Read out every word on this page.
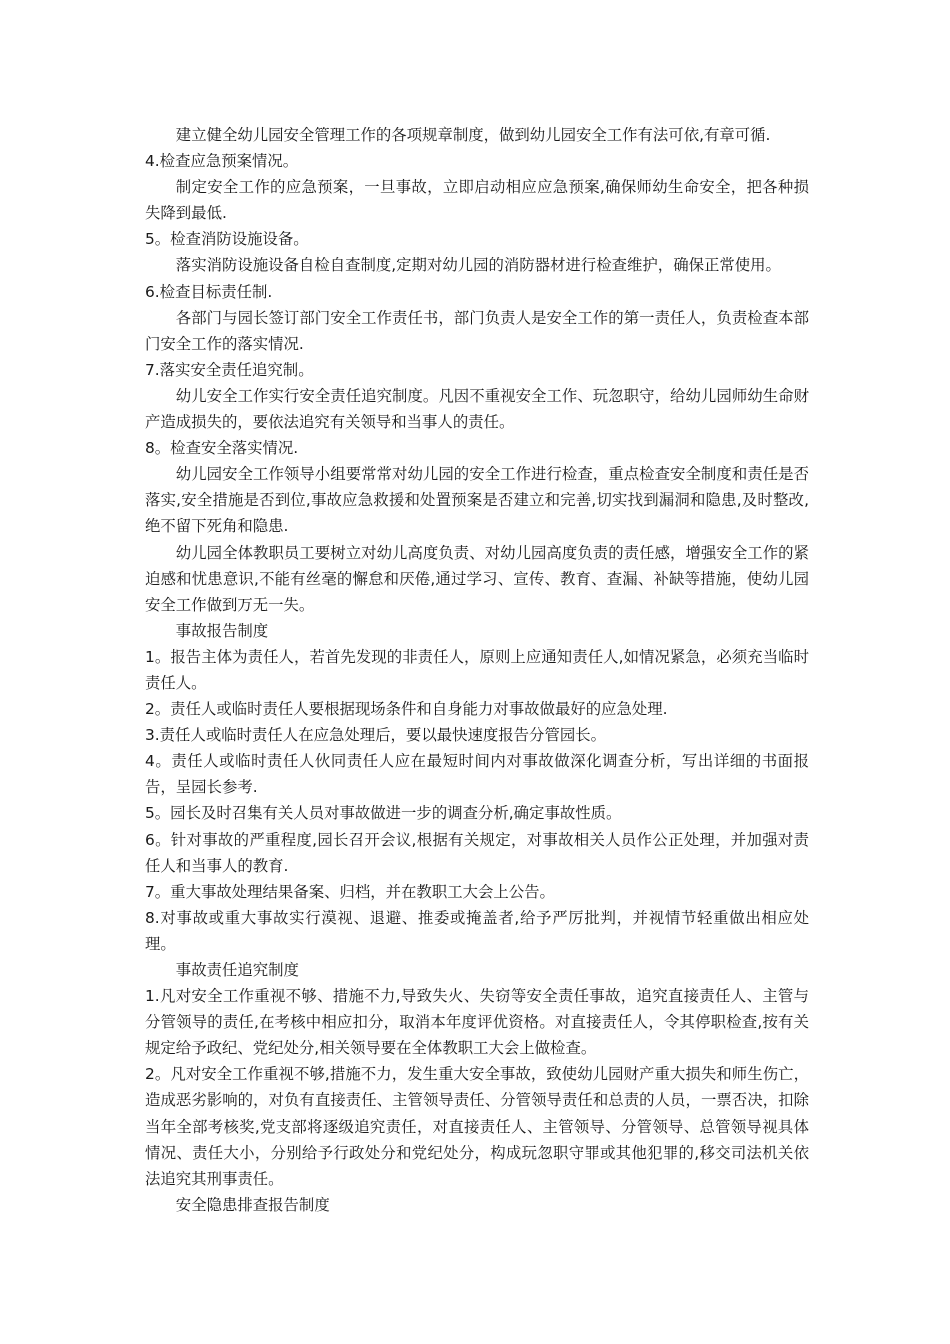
建立健全幼儿园安全管理工作的各项规章制度，做到幼儿园安全工作有法可依,有章可循.

4.检查应急预案情况。

制定安全工作的应急预案，一旦事故，立即启动相应应急预案,确保师幼生命安全，把各种损失降到最低.

5。检查消防设施设备。

落实消防设施设备自检自查制度,定期对幼儿园的消防器材进行检查维护，确保正常使用。

6.检查目标责任制.

各部门与园长签订部门安全工作责任书，部门负责人是安全工作的第一责任人，负责检查本部门安全工作的落实情况.

7.落实安全责任追究制。

幼儿安全工作实行安全责任追究制度。凡因不重视安全工作、玩忽职守，给幼儿园师幼生命财产造成损失的，要依法追究有关领导和当事人的责任。

8。检查安全落实情况.

幼儿园安全工作领导小组要常常对幼儿园的安全工作进行检查，重点检查安全制度和责任是否落实,安全措施是否到位,事故应急救援和处置预案是否建立和完善,切实找到漏洞和隐患,及时整改,绝不留下死角和隐患.

幼儿园全体教职员工要树立对幼儿高度负责、对幼儿园高度负责的责任感，增强安全工作的紧迫感和忧患意识,不能有丝毫的懈怠和厌倦,通过学习、宣传、教育、查漏、补缺等措施，使幼儿园安全工作做到万无一失。

事故报告制度

1。报告主体为责任人，若首先发现的非责任人，原则上应通知责任人,如情况紧急，必须充当临时责任人。

2。责任人或临时责任人要根据现场条件和自身能力对事故做最好的应急处理.

3.责任人或临时责任人在应急处理后，要以最快速度报告分管园长。

4。责任人或临时责任人伙同责任人应在最短时间内对事故做深化调查分析，写出详细的书面报告，呈园长参考.

5。园长及时召集有关人员对事故做进一步的调查分析,确定事故性质。

6。针对事故的严重程度,园长召开会议,根据有关规定，对事故相关人员作公正处理，并加强对责任人和当事人的教育.

7。重大事故处理结果备案、归档，并在教职工大会上公告。

8.对事故或重大事故实行漠视、退避、推委或掩盖者,给予严厉批判，并视情节轻重做出相应处理。

事故责任追究制度

1.凡对安全工作重视不够、措施不力,导致失火、失窃等安全责任事故，追究直接责任人、主管与分管领导的责任,在考核中相应扣分，取消本年度评优资格。对直接责任人，令其停职检查,按有关规定给予政纪、党纪处分,相关领导要在全体教职工大会上做检查。

2。凡对安全工作重视不够,措施不力，发生重大安全事故，致使幼儿园财产重大损失和师生伤亡，造成恶劣影响的，对负有直接责任、主管领导责任、分管领导责任和总责的人员，一票否决，扣除当年全部考核奖,党支部将逐级追究责任，对直接责任人、主管领导、分管领导、总管领导视具体情况、责任大小，分别给予行政处分和党纪处分，构成玩忽职守罪或其他犯罪的,移交司法机关依法追究其刑事责任。

安全隐患排查报告制度
